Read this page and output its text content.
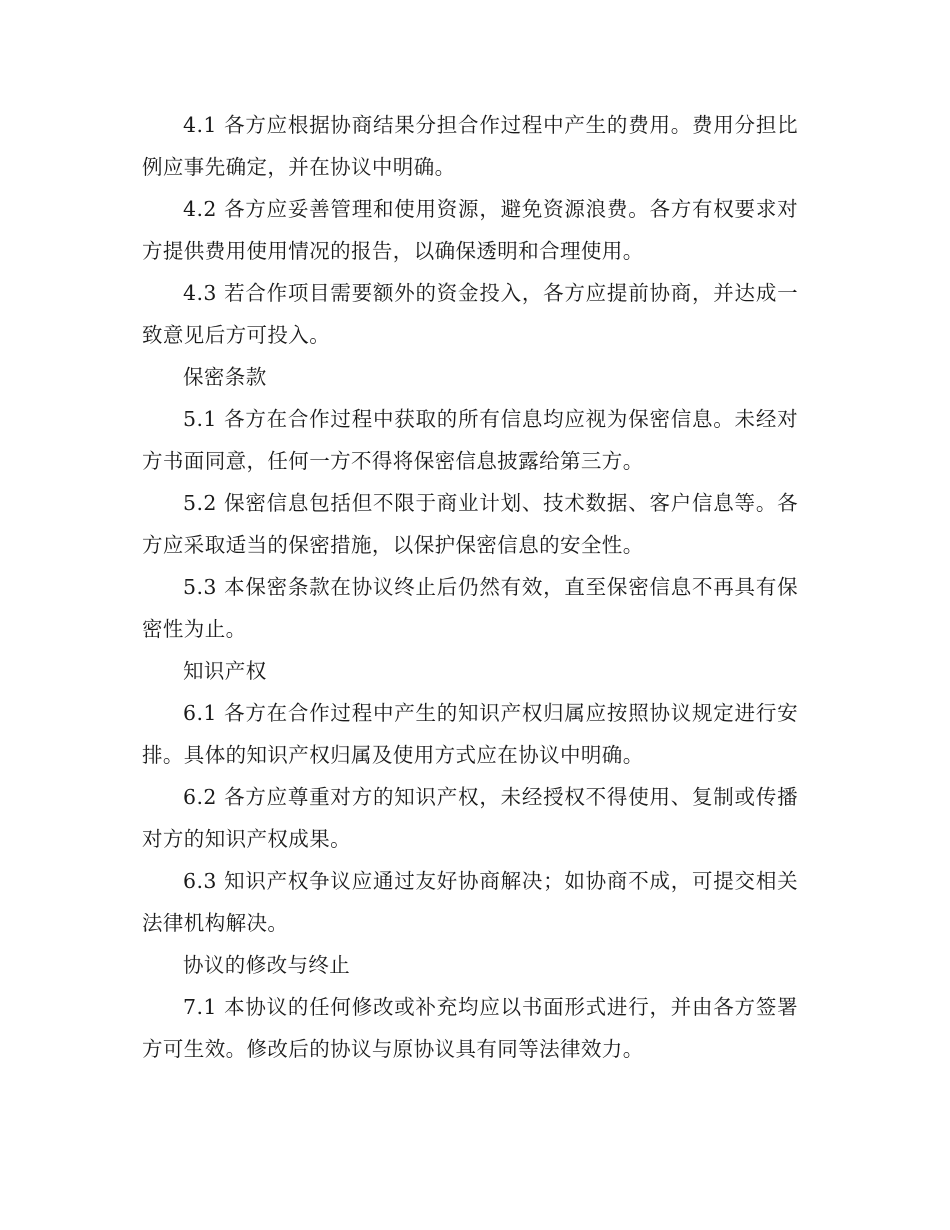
4.1 各方应根据协商结果分担合作过程中产生的费用。费用分担比例应事先确定，并在协议中明确。

4.2 各方应妥善管理和使用资源，避免资源浪费。各方有权要求对方提供费用使用情况的报告，以确保透明和合理使用。

4.3 若合作项目需要额外的资金投入，各方应提前协商，并达成一致意见后方可投入。

保密条款

5.1 各方在合作过程中获取的所有信息均应视为保密信息。未经对方书面同意，任何一方不得将保密信息披露给第三方。

5.2 保密信息包括但不限于商业计划、技术数据、客户信息等。各方应采取适当的保密措施，以保护保密信息的安全性。

5.3 本保密条款在协议终止后仍然有效，直至保密信息不再具有保密性为止。

知识产权

6.1 各方在合作过程中产生的知识产权归属应按照协议规定进行安排。具体的知识产权归属及使用方式应在协议中明确。

6.2 各方应尊重对方的知识产权，未经授权不得使用、复制或传播对方的知识产权成果。

6.3 知识产权争议应通过友好协商解决；如协商不成，可提交相关法律机构解决。

协议的修改与终止

7.1 本协议的任何修改或补充均应以书面形式进行，并由各方签署方可生效。修改后的协议与原协议具有同等法律效力。
